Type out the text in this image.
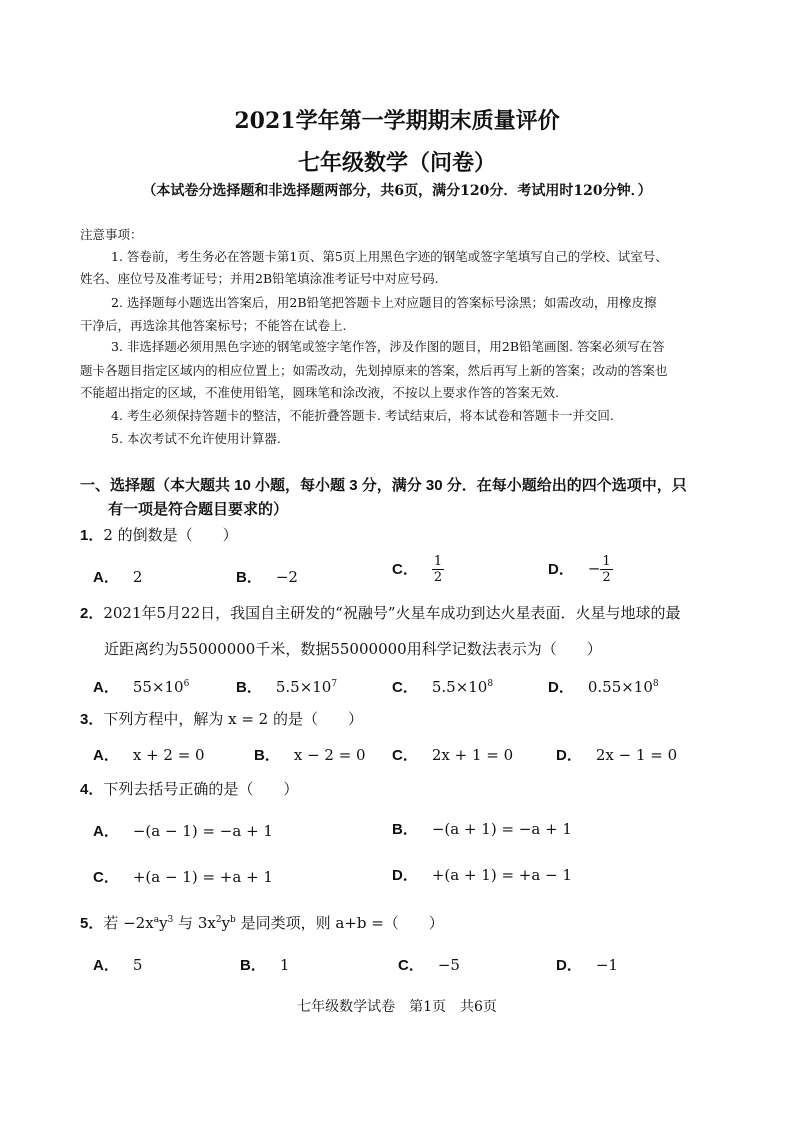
2021学年第一学期期末质量评价
七年级数学（问卷）
（本试卷分选择题和非选择题两部分，共6页，满分120分．考试用时120分钟．）
注意事项：
1. 答卷前，考生务必在答题卡第1页、第5页上用黑色字迹的钢笔或签字笔填写自己的学校、试室号、
姓名、座位号及准考证号；并用2B铅笔填涂准考证号中对应号码.
2. 选择题每小题选出答案后，用2B铅笔把答题卡上对应题目的答案标号涂黑；如需改动，用橡皮擦
干净后，再选涂其他答案标号；不能答在试卷上.
3. 非选择题必须用黑色字迹的钢笔或签字笔作答，涉及作图的题目，用2B铅笔画图. 答案必须写在答
题卡各题目指定区域内的相应位置上；如需改动，先划掉原来的答案，然后再写上新的答案；改动的答案也
不能超出指定的区域，不准使用铅笔，圆珠笔和涂改液，不按以上要求作答的答案无效.
4. 考生必须保持答题卡的整洁，不能折叠答题卡. 考试结束后，将本试卷和答题卡一并交回.
5. 本次考试不允许使用计算器.
一、选择题（本大题共 10 小题，每小题 3 分，满分 30 分．在每小题给出的四个选项中，只
有一项是符合题目要求的）
1．2 的倒数是（　　）
A． 2	B． −2	C． $\frac{1}{2}$	D． − $\frac{1}{2}$
2．2021年5月22日，我国自主研发的“祝融号”火星车成功到达火星表面．火星与地球的最
近距离约为55000000千米，数据55000000用科学记数法表示为（　　）
A． $55\times 10^6$	B． $5.5\times 10^7$	C． $5.5\times 10^8$	D． $0.55\times 10^8$
3．下列方程中，解为 x = 2 的是（　　）
A． x + 2 = 0	B． x − 2 = 0 C． 2x + 1 = 0	D． 2x − 1 = 0
4．下列去括号正确的是（　　）
A． −(a − 1) = −a + 1	B． −(a + 1) = −a + 1
C． +(a − 1) = +a + 1	D． +(a + 1) = +a − 1
5．若 $-2x^ay^3$ 与 $3x^2y^b$ 是同类项，则 a+b =（　　）
A． 5	B． 1	C． −5	D． −1
七年级数学试卷　第1页　共6页
